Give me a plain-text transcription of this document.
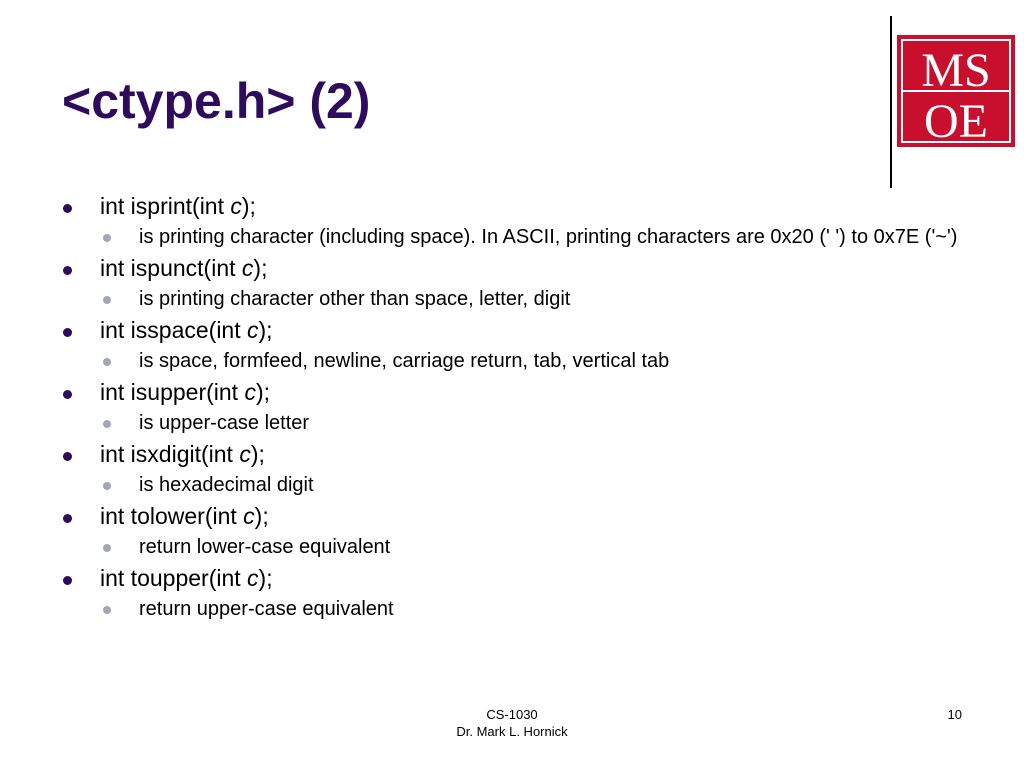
<ctype.h> (2)
MS
OE
int isprint(int c);
is printing character (including space). In ASCII, printing characters are 0x20 (' ') to 0x7E ('~')
int ispunct(int c);
is printing character other than space, letter, digit
int isspace(int c);
is space, formfeed, newline, carriage return, tab, vertical tab
int isupper(int c);
is upper-case letter
int isxdigit(int c);
is hexadecimal digit
int tolower(int c);
return lower-case equivalent
int toupper(int c);
return upper-case equivalent
CS-1030
Dr. Mark L. Hornick
10
